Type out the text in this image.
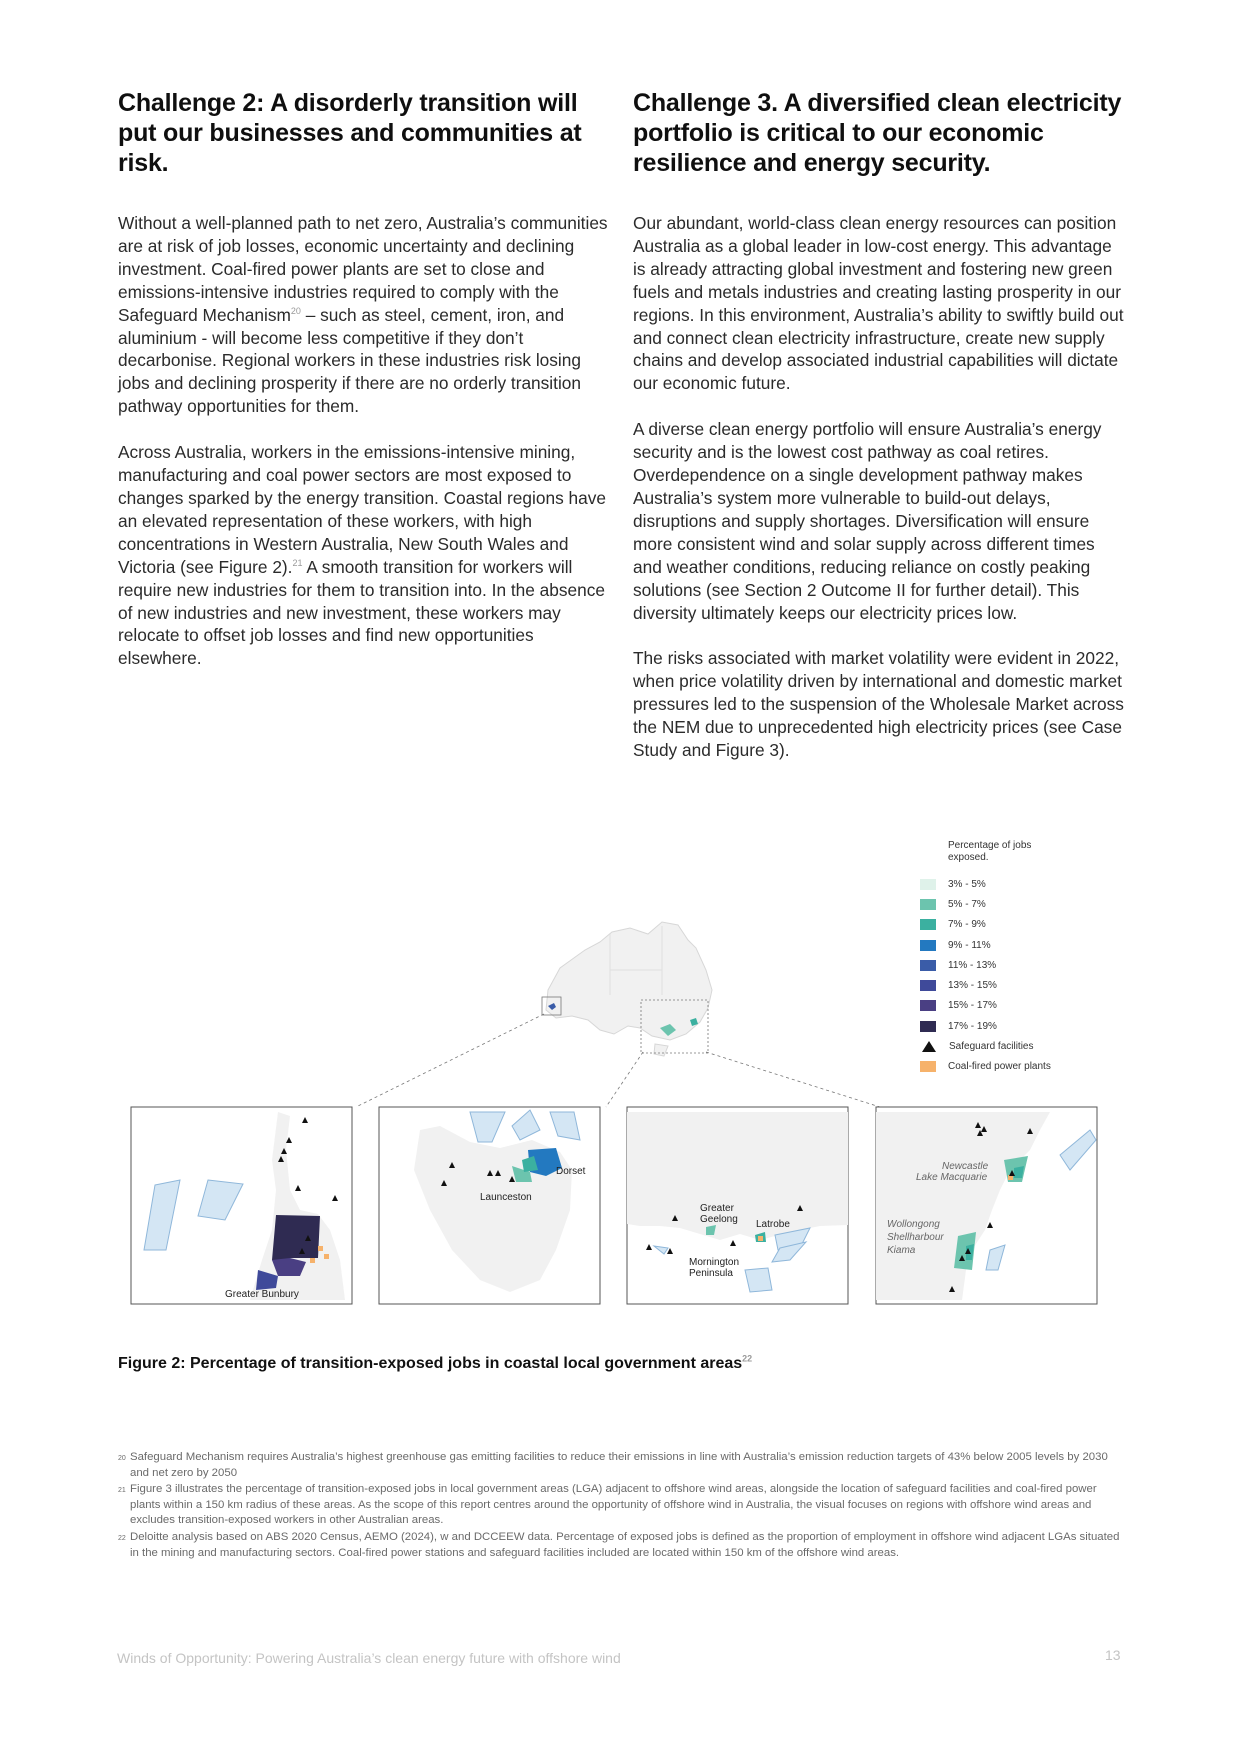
Challenge 2: A disorderly transition will put our businesses and communities at risk.

Without a well-planned path to net zero, Australia’s communities are at risk of job losses, economic uncertainty and declining investment. Coal-fired power plants are set to close and emissions-intensive industries required to comply with the Safeguard Mechanism$^{20}$ – such as steel, cement, iron, and aluminium - will become less competitive if they don’t decarbonise. Regional workers in these industries risk losing jobs and declining prosperity if there are no orderly transition pathway opportunities for them.

Across Australia, workers in the emissions-intensive mining, manufacturing and coal power sectors are most exposed to changes sparked by the energy transition. Coastal regions have an elevated representation of these workers, with high concentrations in Western Australia, New South Wales and Victoria (see Figure 2).$^{21}$ A smooth transition for workers will require new industries for them to transition into. In the absence of new industries and new investment, these workers may relocate to offset job losses and find new opportunities elsewhere.

Challenge 3. A diversified clean electricity portfolio is critical to our economic resilience and energy security.

Our abundant, world-class clean energy resources can position Australia as a global leader in low-cost energy. This advantage is already attracting global investment and fostering new green fuels and metals industries and creating lasting prosperity in our regions. In this environment, Australia’s ability to swiftly build out and connect clean electricity infrastructure, create new supply chains and develop associated industrial capabilities will dictate our economic future.

A diverse clean energy portfolio will ensure Australia’s energy security and is the lowest cost pathway as coal retires. Overdependence on a single development pathway makes Australia’s system more vulnerable to build-out delays, disruptions and supply shortages. Diversification will ensure more consistent wind and solar supply across different times and weather conditions, reducing reliance on costly peaking solutions (see Section 2 Outcome II for further detail). This diversity ultimately keeps our electricity prices low.

The risks associated with market volatility were evident in 2022, when price volatility driven by international and domestic market pressures led to the suspension of the Wholesale Market across the NEM due to unprecedented high electricity prices (see Case Study and Figure 3).

Greater Bunbury
Dorset
Launceston
Greater
Geelong Latrobe
Mornington
Peninsula
Newcastle
Lake Macquarie
Wollongong
Shellharbour
Kiama
Percentage of jobs exposed.
3% - 5%
5% - 7%
7% - 9%
9% - 11%
11% - 13%
13% - 15%
15% - 17%
17% - 19%
Safeguard facilities
Coal-fired power plants
Figure 2: Percentage of transition-exposed jobs in coastal local government areas$^{22}$
20 Safeguard Mechanism requires Australia’s highest greenhouse gas emitting facilities to reduce their emissions in line with Australia’s emission reduction targets of 43% below 2005 levels by 2030 and net zero by 2050
21 Figure 3 illustrates the percentage of transition-exposed jobs in local government areas (LGA) adjacent to offshore wind areas, alongside the location of safeguard facilities and coal-fired power plants within a 150 km radius of these areas. As the scope of this report centres around the opportunity of offshore wind in Australia, the visual focuses on regions with offshore wind areas and excludes transition-exposed workers in other Australian areas.
22 Deloitte analysis based on ABS 2020 Census, AEMO (2024), w and DCCEEW data. Percentage of exposed jobs is defined as the proportion of employment in offshore wind adjacent LGAs situated in the mining and manufacturing sectors. Coal-fired power stations and safeguard facilities included are located within 150 km of the offshore wind areas.
Winds of Opportunity: Powering Australia’s clean energy future with offshore wind	13
